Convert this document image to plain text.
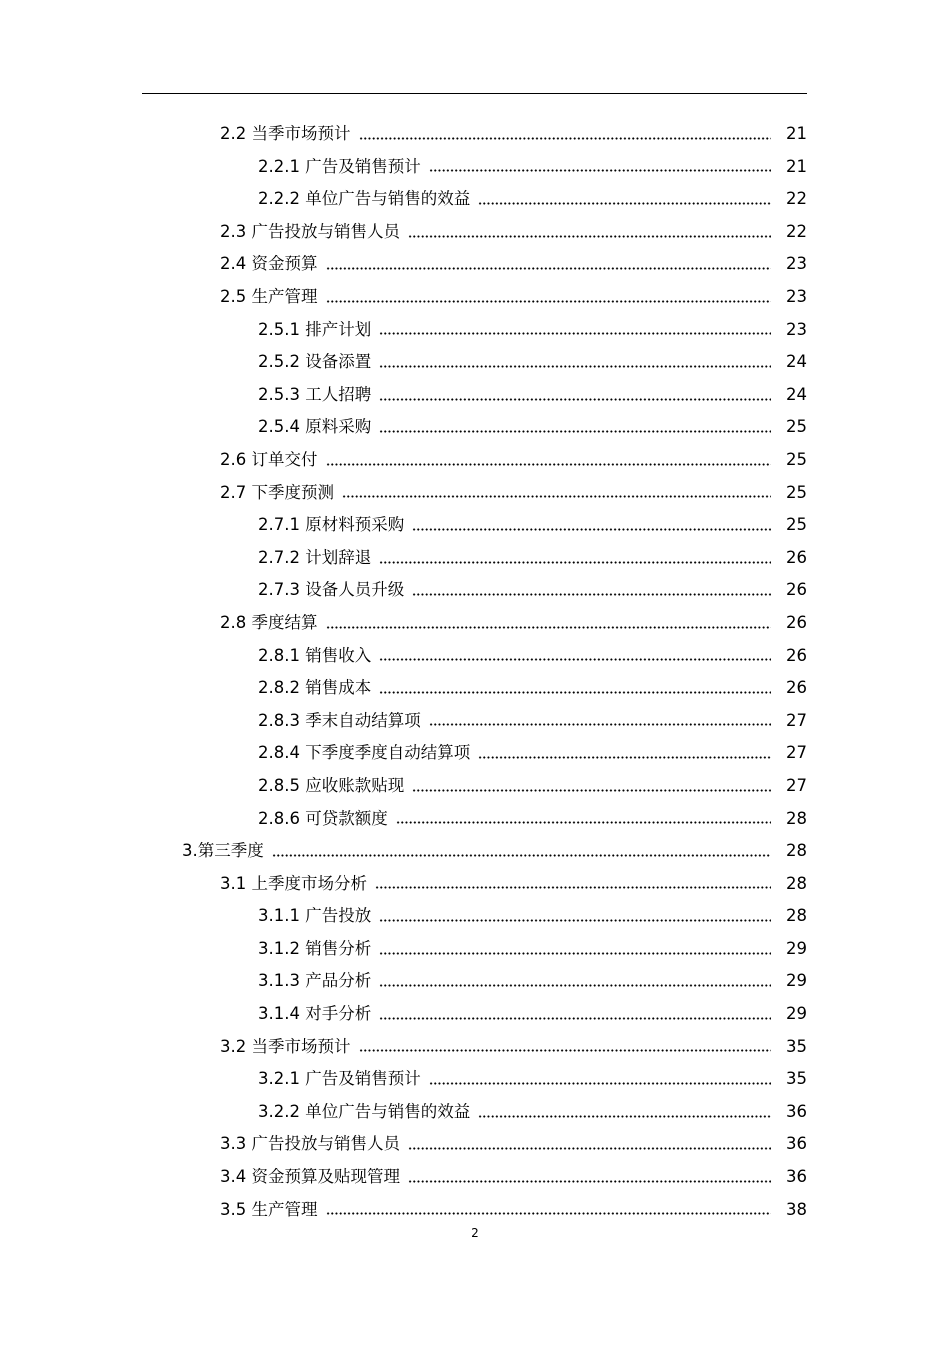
2.2 当季市场预计	21
2.2.1 广告及销售预计	21
2.2.2 单位广告与销售的效益	22
2.3 广告投放与销售人员	22
2.4 资金预算	23
2.5 生产管理	23
2.5.1 排产计划	23
2.5.2 设备添置	24
2.5.3 工人招聘	24
2.5.4 原料采购	25
2.6 订单交付	25
2.7 下季度预测	25
2.7.1 原材料预采购	25
2.7.2 计划辞退	26
2.7.3 设备人员升级	26
2.8 季度结算	26
2.8.1 销售收入	26
2.8.2 销售成本	26
2.8.3 季末自动结算项	27
2.8.4 下季度季度自动结算项	27
2.8.5 应收账款贴现	27
2.8.6 可贷款额度	28
3.第三季度	28
3.1 上季度市场分析	28
3.1.1 广告投放	28
3.1.2 销售分析	29
3.1.3 产品分析	29
3.1.4 对手分析	29
3.2 当季市场预计	35
3.2.1 广告及销售预计	35
3.2.2 单位广告与销售的效益	36
3.3 广告投放与销售人员	36
3.4 资金预算及贴现管理	36
3.5 生产管理	38
2
